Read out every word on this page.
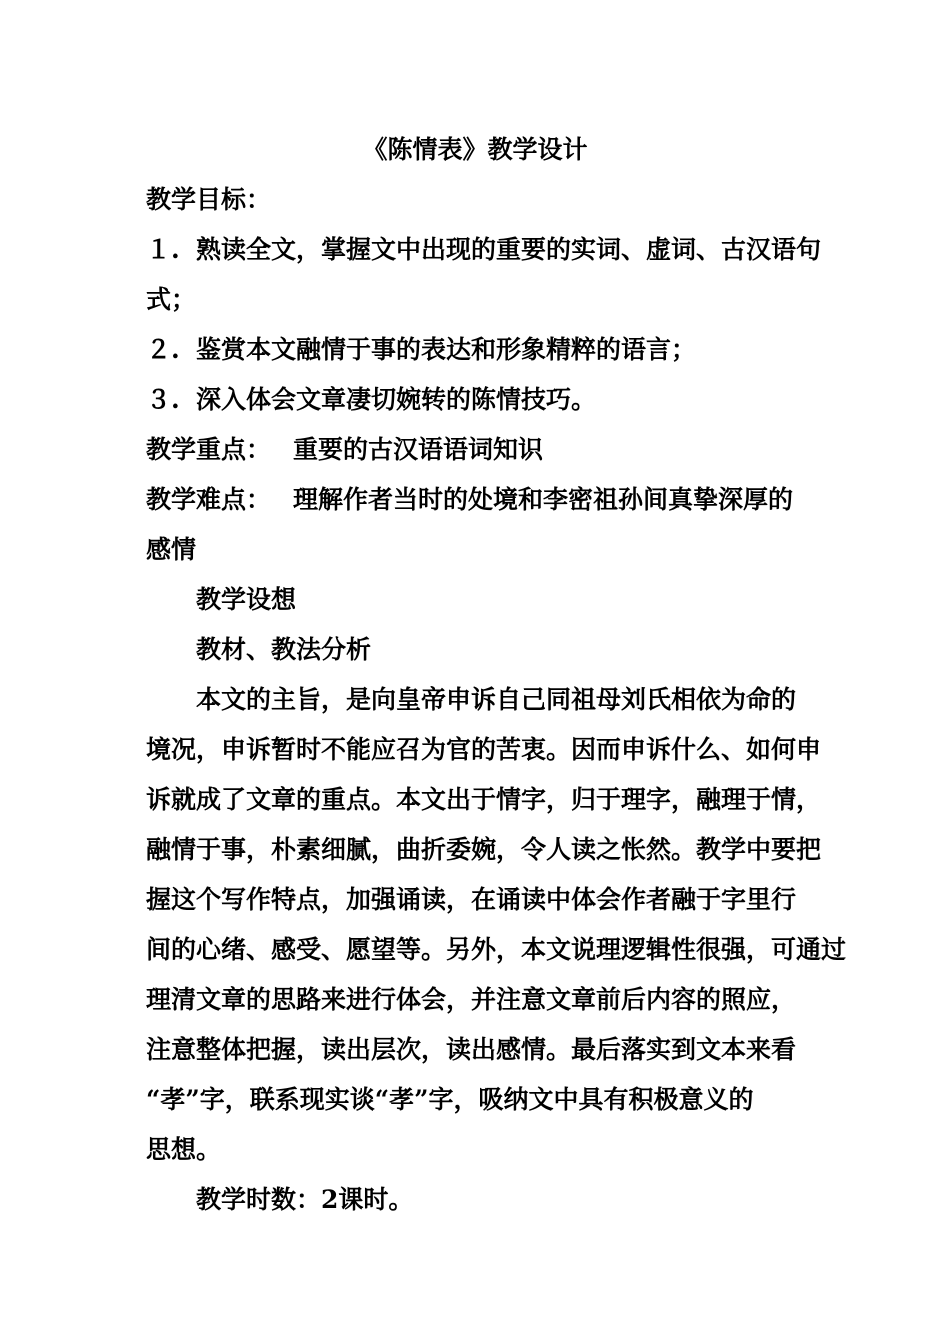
《陈情表》教学设计
教学目标：
１. 熟读全文，掌握文中出现的重要的实词、虚词、古汉语句
式；
２. 鉴赏本文融情于事的表达和形象精粹的语言；
３. 深入体会文章凄切婉转的陈情技巧。
教学重点： 重要的古汉语语词知识
教学难点： 理解作者当时的处境和李密祖孙间真挚深厚的
感情
教学设想
教材、教法分析
本文的主旨，是向皇帝申诉自己同祖母刘氏相依为命的
境况，申诉暂时不能应召为官的苦衷。因而申诉什么、如何申
诉就成了文章的重点。本文出于情字，归于理字，融理于情，
融情于事，朴素细腻，曲折委婉，令人读之怅然。教学中要把
握这个写作特点，加强诵读，在诵读中体会作者融于字里行
间的心绪、感受、愿望等。另外，本文说理逻辑性很强，可通过
理清文章的思路来进行体会，并注意文章前后内容的照应，
注意整体把握，读出层次，读出感情。最后落实到文本来看
“孝”字，联系现实谈“孝”字，吸纳文中具有积极意义的
思想。
教学时数：2课时。
